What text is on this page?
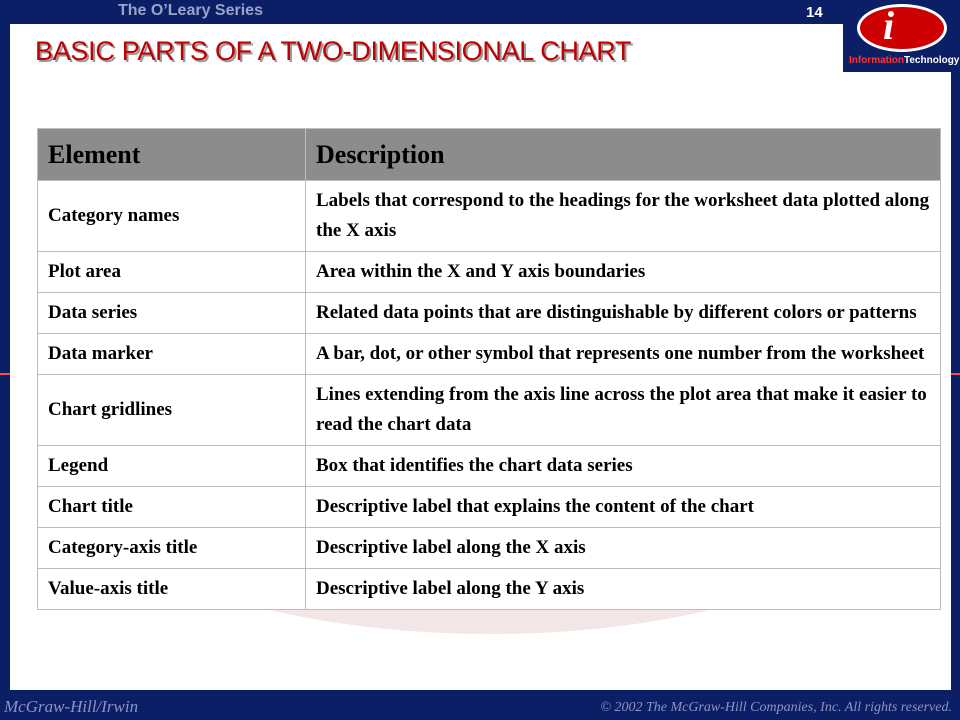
The O’Leary Series	14
BASIC PARTS OF A TWO-DIMENSIONAL CHART
Element	Description
Category names	Labels that correspond to the headings for the worksheet data plotted along the X axis
Plot area	Area within the X and Y axis boundaries
Data series	Related data points that are distinguishable by different colors or patterns
Data marker	A bar, dot, or other symbol that represents one number from the worksheet
Chart gridlines	Lines extending from the axis line across the plot area that make it easier to read the chart data
Legend	Box that identifies the chart data series
Chart title	Descriptive label that explains the content of the chart
Category-axis title	Descriptive label along the X axis
Value-axis title	Descriptive label along the Y axis
i
InformationTechnology
McGraw-Hill/Irwin	© 2002 The McGraw-Hill Companies, Inc. All rights reserved.
